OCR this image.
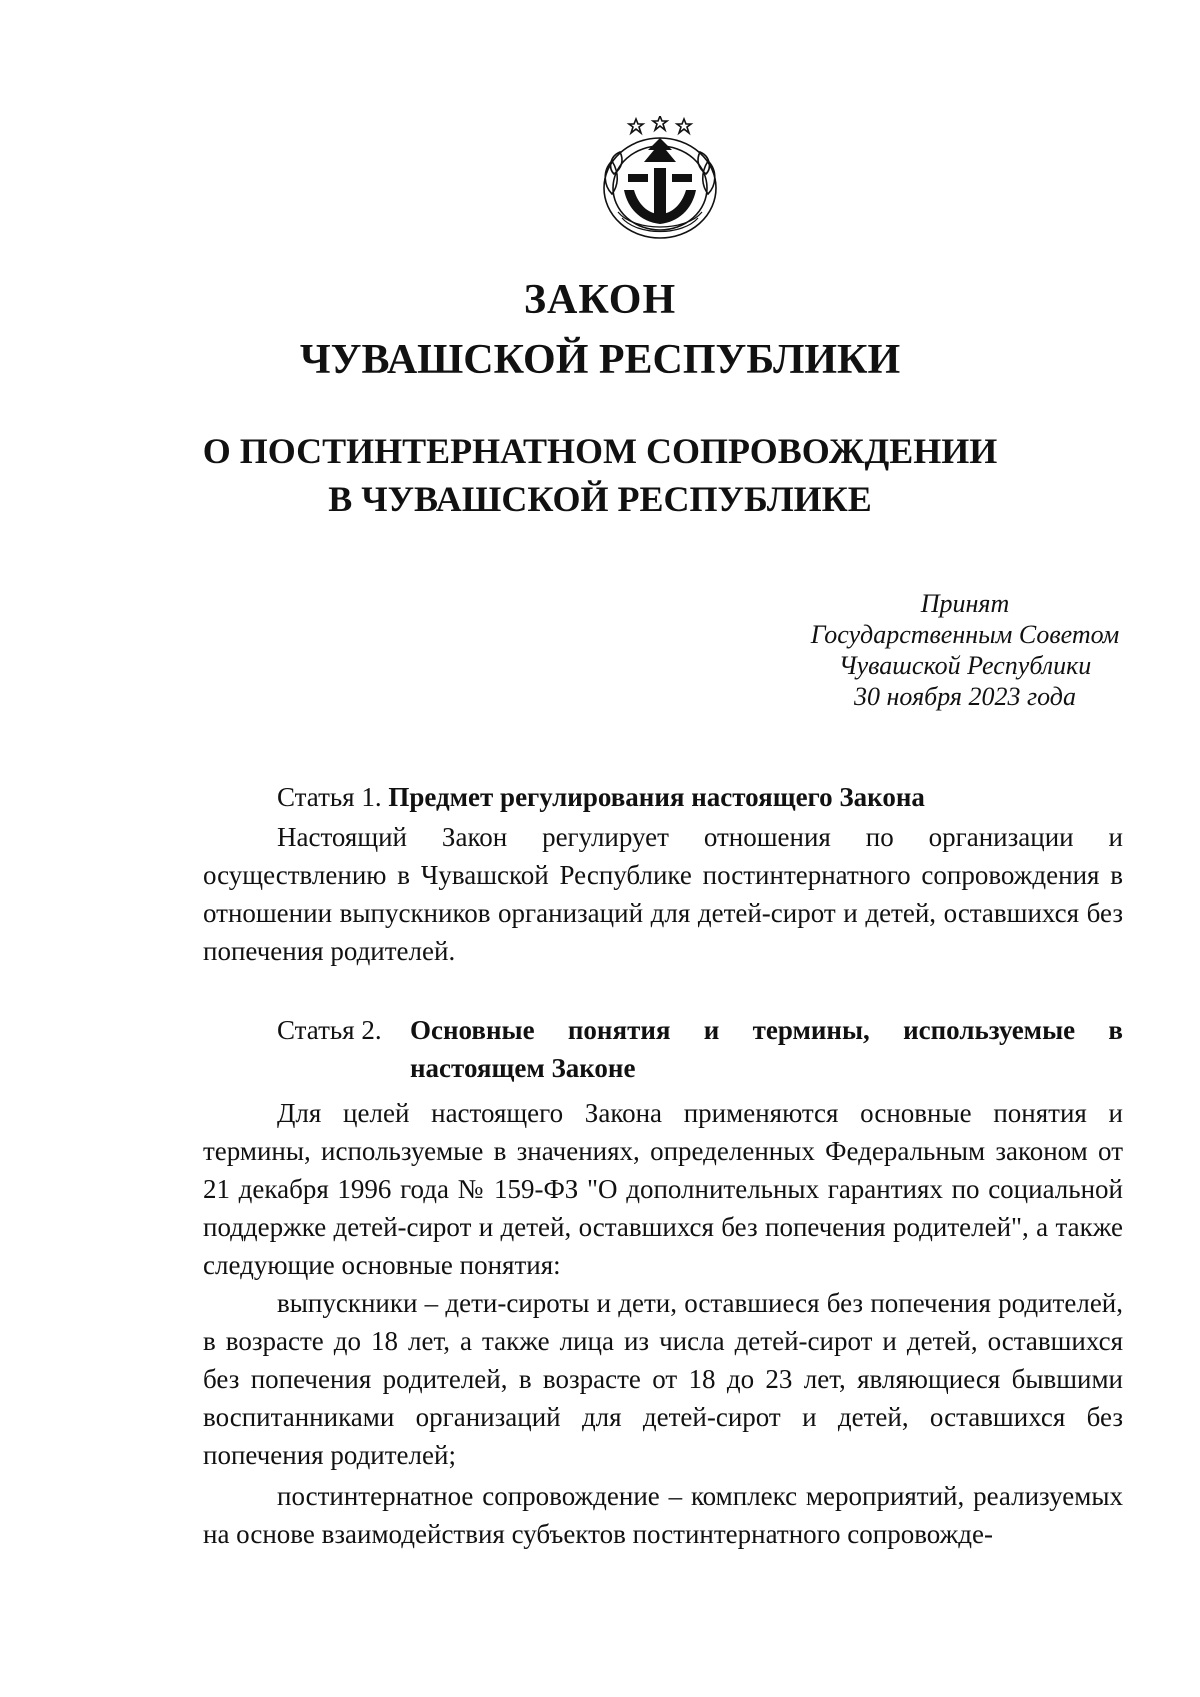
ЗАКОН
ЧУВАШСКОЙ РЕСПУБЛИКИ
О ПОСТИНТЕРНАТНОМ СОПРОВОЖДЕНИИ
В ЧУВАШСКОЙ РЕСПУБЛИКЕ
Принят
Государственным Советом
Чувашской Республики
30 ноября 2023 года
Статья 1. Предмет регулирования настоящего Закона

Настоящий Закон регулирует отношения по организации и осуществлению в Чувашской Республике постинтернатного сопровождения в отношении выпускников организаций для детей-сирот и детей, оставшихся без попечения родителей.

Статья 2. Основные понятия и термины, используемые в настоящем Законе

Для целей настоящего Закона применяются основные понятия и термины, используемые в значениях, определенных Федеральным законом от 21 декабря 1996 года № 159-ФЗ "О дополнительных гарантиях по социальной поддержке детей-сирот и детей, оставшихся без попечения родителей", а также следующие основные понятия:

выпускники – дети-сироты и дети, оставшиеся без попечения родителей, в возрасте до 18 лет, а также лица из числа детей-сирот и детей, оставшихся без попечения родителей, в возрасте от 18 до 23 лет, являющиеся бывшими воспитанниками организаций для детей-сирот и детей, оставшихся без попечения родителей;

постинтернатное сопровождение – комплекс мероприятий, реализуемых на основе взаимодействия субъектов постинтернатного сопровожде-
